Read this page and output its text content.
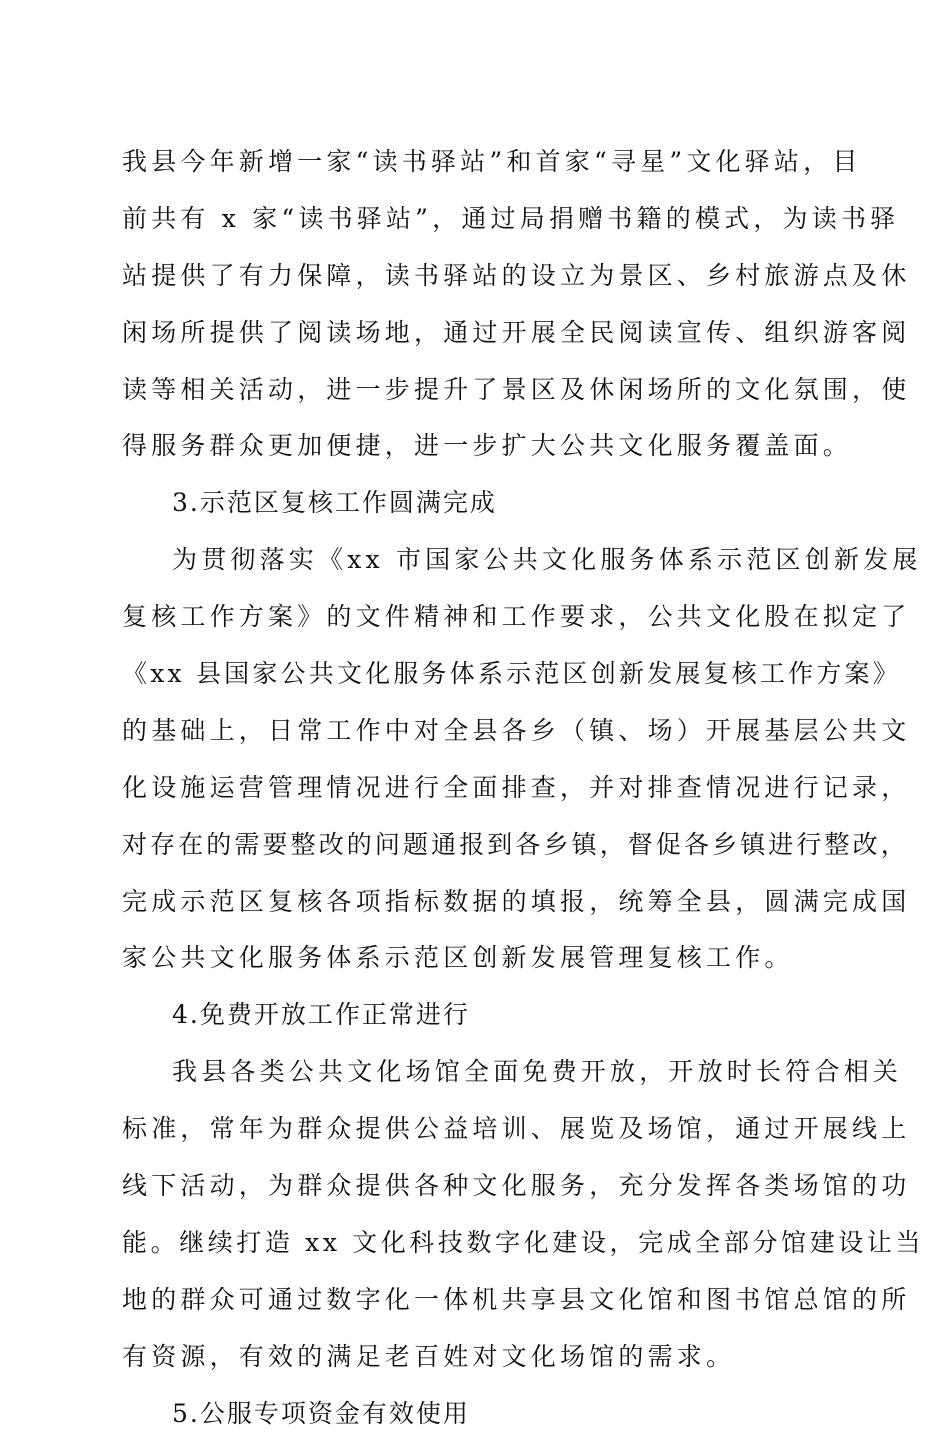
我县今年新增一家“读书驿站”和首家“寻星”文化驿站，目
前共有 x 家“读书驿站”，通过局捐赠书籍的模式，为读书驿
站提供了有力保障，读书驿站的设立为景区、乡村旅游点及休
闲场所提供了阅读场地，通过开展全民阅读宣传、组织游客阅
读等相关活动，进一步提升了景区及休闲场所的文化氛围，使
得服务群众更加便捷，进一步扩大公共文化服务覆盖面。
3.示范区复核工作圆满完成
为贯彻落实《xx 市国家公共文化服务体系示范区创新发展
复核工作方案》的文件精神和工作要求，公共文化股在拟定了
《xx 县国家公共文化服务体系示范区创新发展复核工作方案》
的基础上，日常工作中对全县各乡（镇、场）开展基层公共文
化设施运营管理情况进行全面排查，并对排查情况进行记录，
对存在的需要整改的问题通报到各乡镇，督促各乡镇进行整改，
完成示范区复核各项指标数据的填报，统筹全县，圆满完成国
家公共文化服务体系示范区创新发展管理复核工作。
4.免费开放工作正常进行
我县各类公共文化场馆全面免费开放，开放时长符合相关
标准，常年为群众提供公益培训、展览及场馆，通过开展线上
线下活动，为群众提供各种文化服务，充分发挥各类场馆的功
能。继续打造 xx 文化科技数字化建设，完成全部分馆建设让当
地的群众可通过数字化一体机共享县文化馆和图书馆总馆的所
有资源，有效的满足老百姓对文化场馆的需求。
5.公服专项资金有效使用
